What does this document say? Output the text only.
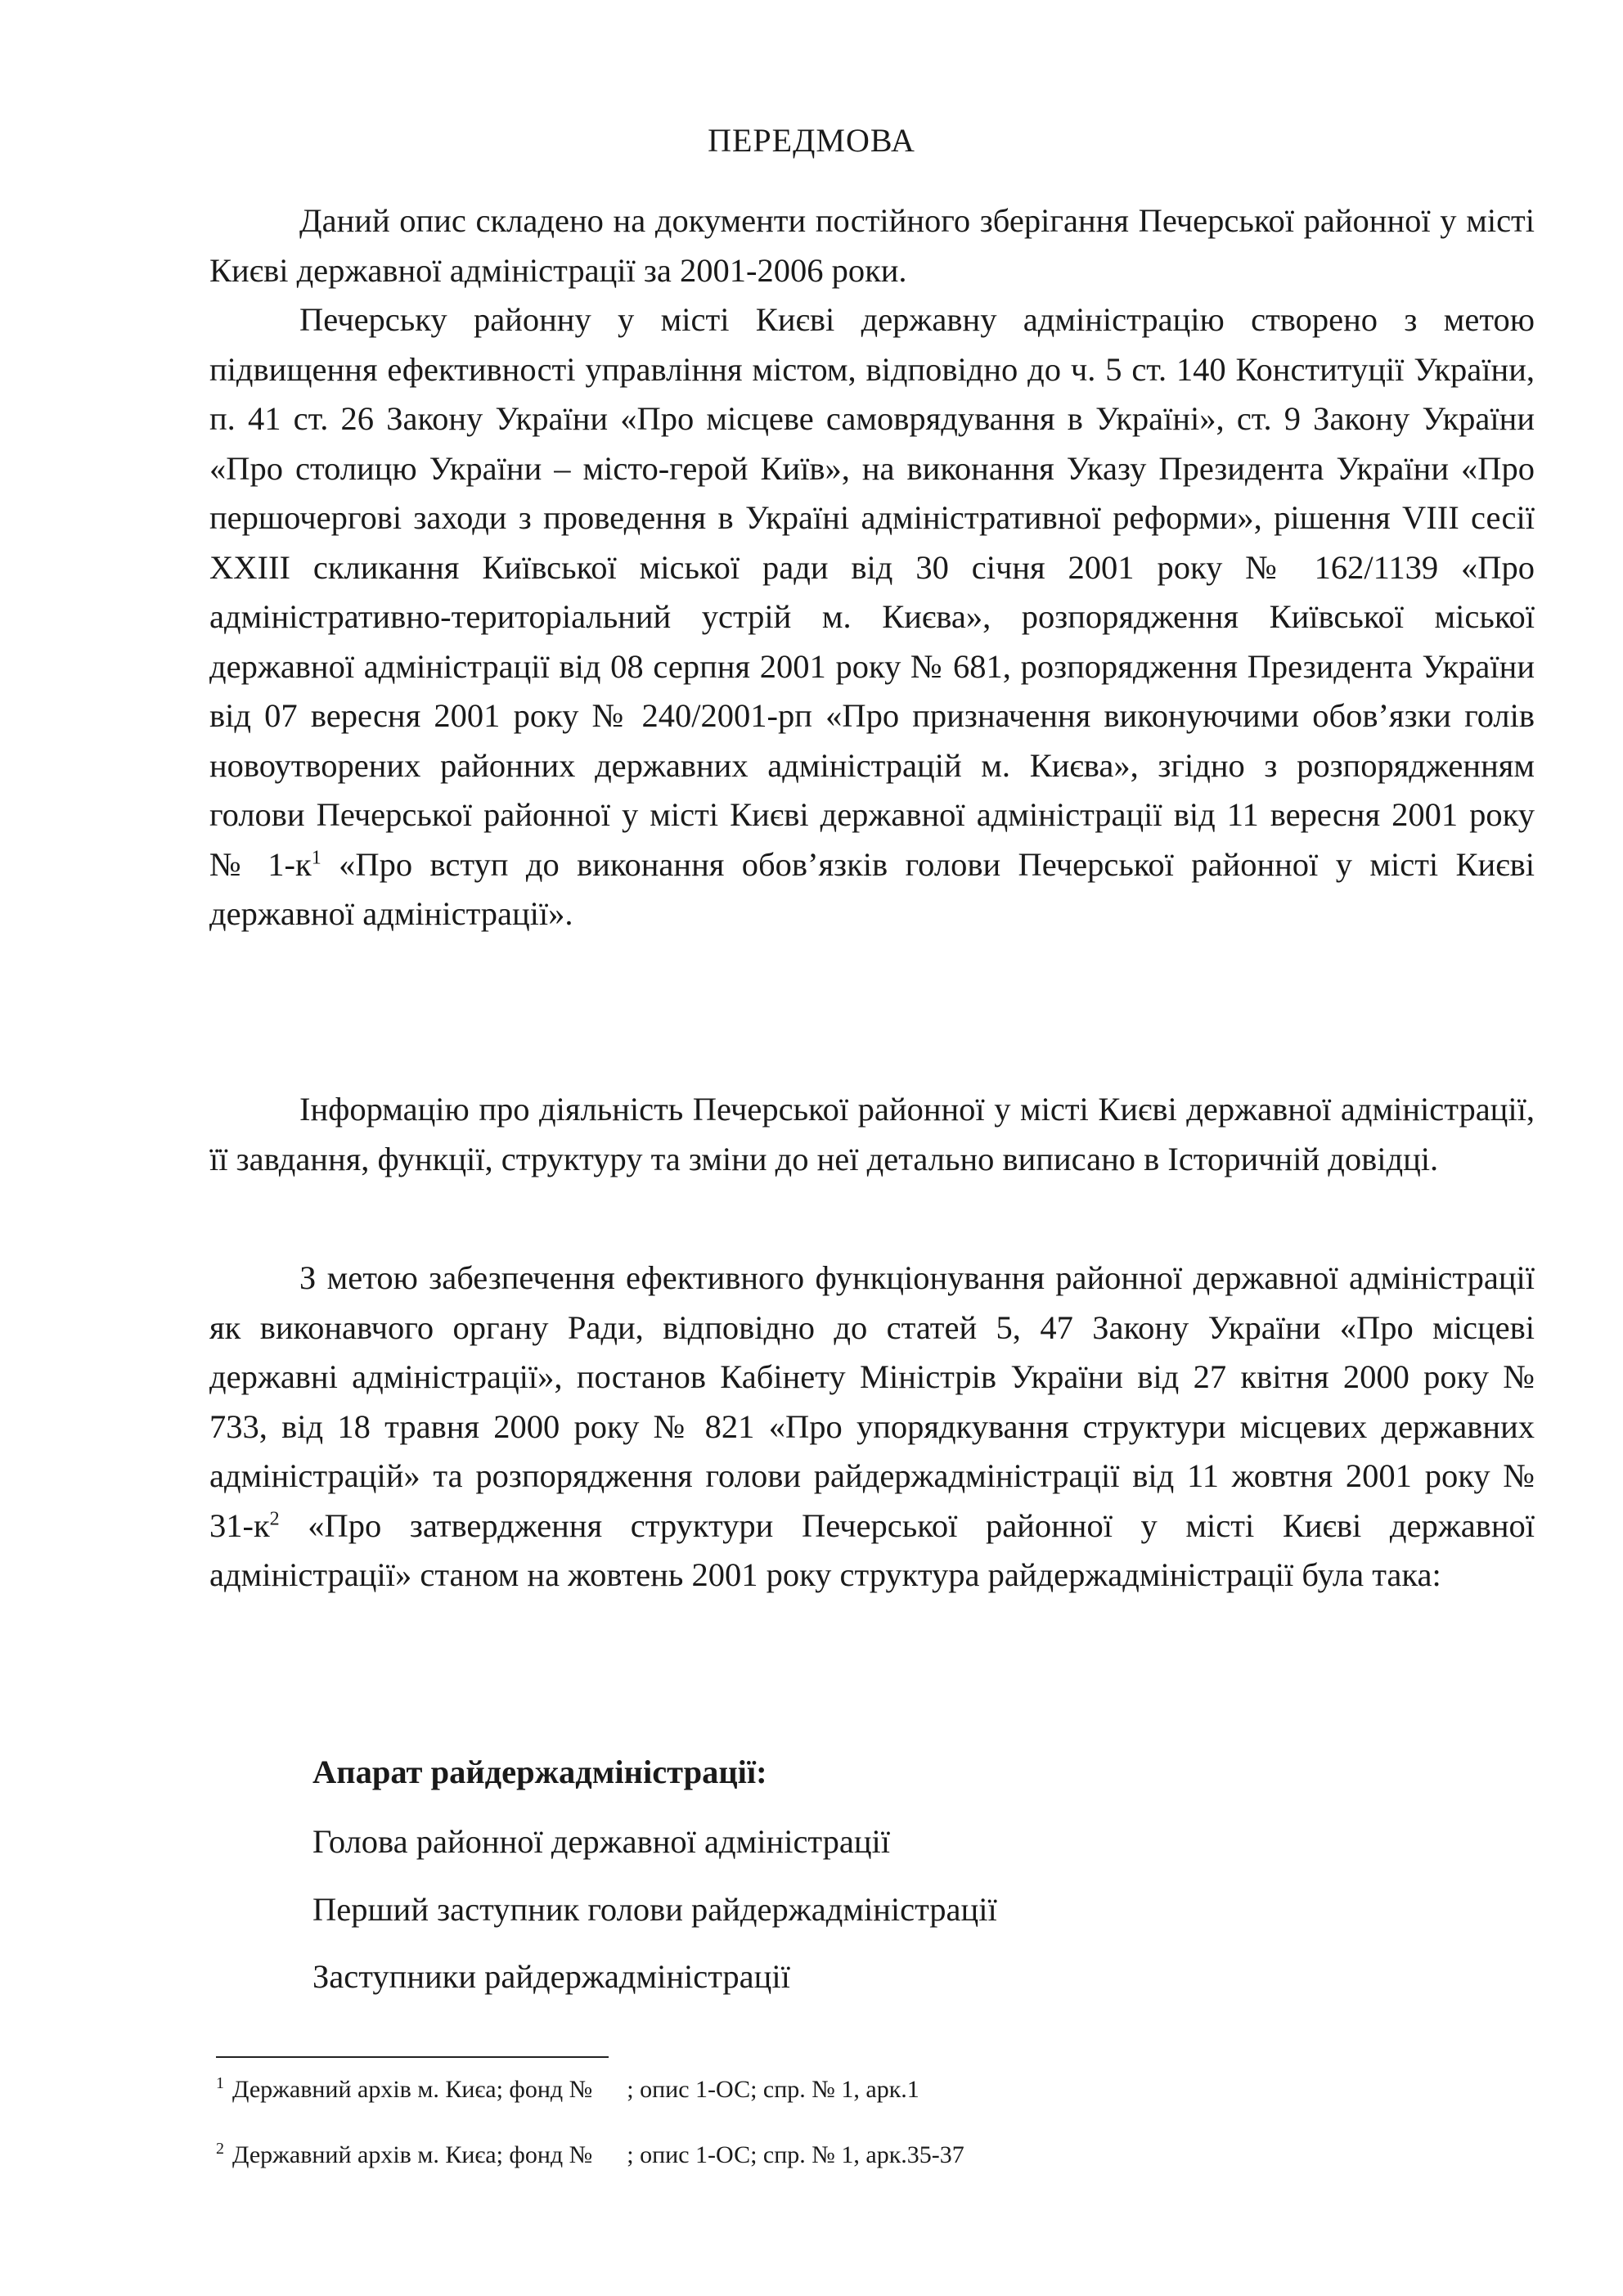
ПЕРЕДМОВА

Даний опис складено на документи постійного зберігання Печерської районної у місті Києві державної адміністрації за 2001-2006 роки.

Печерську районну у місті Києві державну адміністрацію створено з метою підвищення ефективності управління містом, відповідно до ч. 5 ст. 140 Конституції України, п. 41 ст. 26 Закону України «Про місцеве самоврядування в Україні», ст. 9 Закону України «Про столицю України – місто-герой Київ», на виконання Указу Президента України «Про першочергові заходи з проведення в Україні адміністративної реформи», рішення VIII сесії XXIII скликання Київської міської ради від 30 січня 2001 року № 162/1139 «Про адміністративно-територіальний устрій м. Києва», розпорядження Київської міської державної адміністрації від 08 серпня 2001 року № 681, розпорядження Президента України від 07 вересня 2001 року № 240/2001-рп «Про призначення виконуючими обов’язки голів новоутворених районних державних адміністрацій м. Києва», згідно з розпорядженням голови Печерської районної у місті Києві державної адміністрації від 11 вересня 2001 року № $1-к^1$ «Про вступ до виконання обов’язків голови Печерської районної у місті Києві державної адміністрації».

Інформацію про діяльність Печерської районної у місті Києві державної адміністрації, її завдання, функції, структуру та зміни до неї детально виписано в Історичній довідці.

З метою забезпечення ефективного функціонування районної державної адміністрації як виконавчого органу Ради, відповідно до статей 5, 47 Закону України «Про місцеві державні адміністрації», постанов Кабінету Міністрів України від 27 квітня 2000 року № 733, від 18 травня 2000 року № 821 «Про упорядкування структури місцевих державних адміністрацій» та розпорядження голови райдержадміністрації від 11 жовтня 2001 року № $31-к^2$ «Про затвердження структури Печерської районної у місті Києві державної адміністрації» станом на жовтень 2001 року структура райдержадміністрації була така:

Апарат райдержадміністрації:

Голова районної державної адміністрації

Перший заступник голови райдержадміністрації

Заступники райдержадміністрації

$^1$ Державний архів м. Києа; фонд № ; опис 1-ОС; спр. № 1, арк.1

$^2$ Державний архів м. Києа; фонд № ; опис 1-ОС; спр. № 1, арк.35-37
